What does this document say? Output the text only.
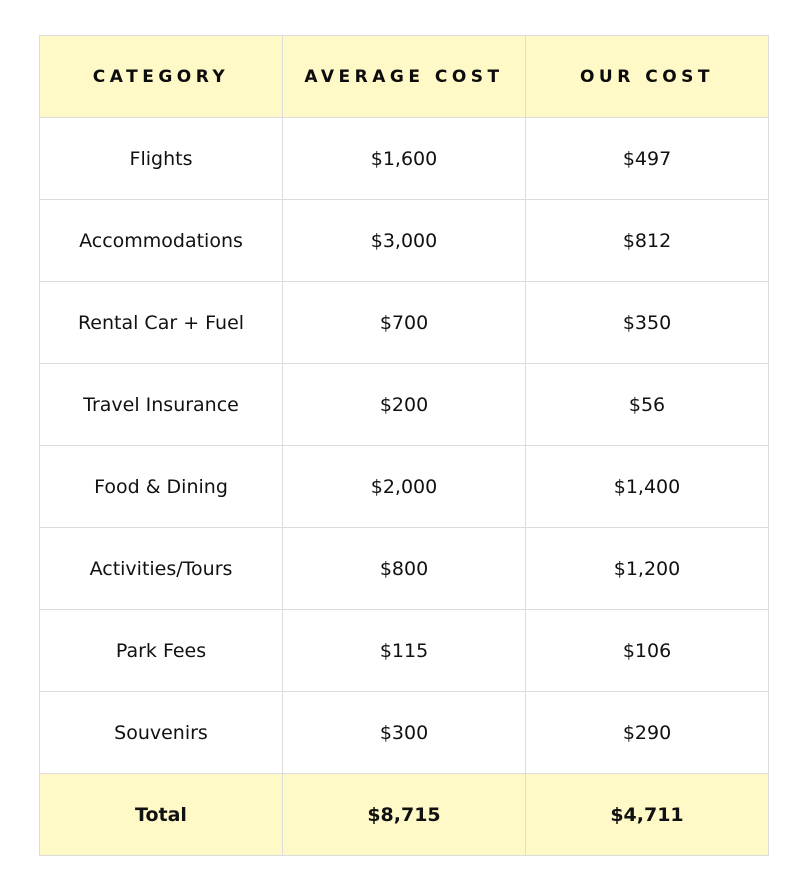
CATEGORY	AVERAGE COST	OUR COST
Flights	$1,600	$497
Accommodations	$3,000	$812
Rental Car + Fuel	$700	$350
Travel Insurance	$200	$56
Food & Dining	$2,000	$1,400
Activities/Tours	$800	$1,200
Park Fees	$115	$106
Souvenirs	$300	$290
Total	$8,715	$4,711
